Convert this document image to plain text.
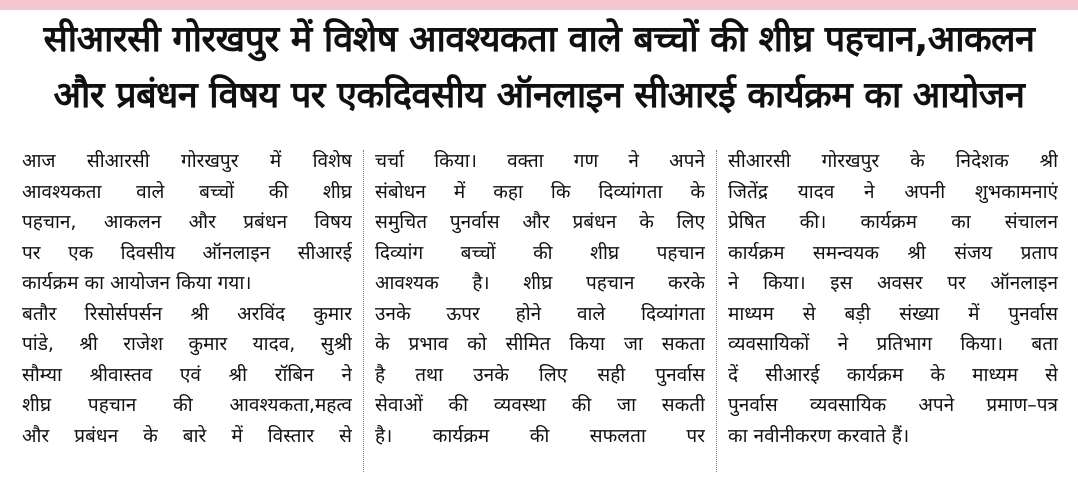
सीआरसी गोरखपुर में विशेष आवश्यकता वाले बच्चों की शीघ्र पहचान,आकलन
और प्रबंधन विषय पर एकदिवसीय ऑनलाइन सीआरई कार्यक्रम का आयोजन
आज सीआरसी गोरखपुर में विशेष
आवश्यकता वाले बच्चों की शीघ्र
पहचान, आकलन और प्रबंधन विषय
पर एक दिवसीय ऑनलाइन सीआरई
कार्यक्रम का आयोजन किया गया।
बतौर रिसोर्सपर्सन श्री अरविंद कुमार
पांडे, श्री राजेश कुमार यादव, सुश्री
सौम्या श्रीवास्तव एवं श्री रॉबिन ने
शीघ्र पहचान की आवश्यकता,महत्व
और प्रबंधन के बारे में विस्तार से
चर्चा किया। वक्ता गण ने अपने
संबोधन में कहा कि दिव्यांगता के
समुचित पुनर्वास और प्रबंधन के लिए
दिव्यांग बच्चों की शीघ्र पहचान
आवश्यक है। शीघ्र पहचान करके
उनके ऊपर होने वाले दिव्यांगता
के प्रभाव को सीमित किया जा सकता
है तथा उनके लिए सही पुनर्वास
सेवाओं की व्यवस्था की जा सकती
है। कार्यक्रम की सफलता पर
सीआरसी गोरखपुर के निदेशक श्री
जितेंद्र यादव ने अपनी शुभकामनाएं
प्रेषित की। कार्यक्रम का संचालन
कार्यक्रम समन्वयक श्री संजय प्रताप
ने किया। इस अवसर पर ऑनलाइन
माध्यम से बड़ी संख्या में पुनर्वास
व्यवसायिकों ने प्रतिभाग किया। बता
दें सीआरई कार्यक्रम के माध्यम से
पुनर्वास व्यवसायिक अपने प्रमाण–पत्र
का नवीनीकरण करवाते हैं।
